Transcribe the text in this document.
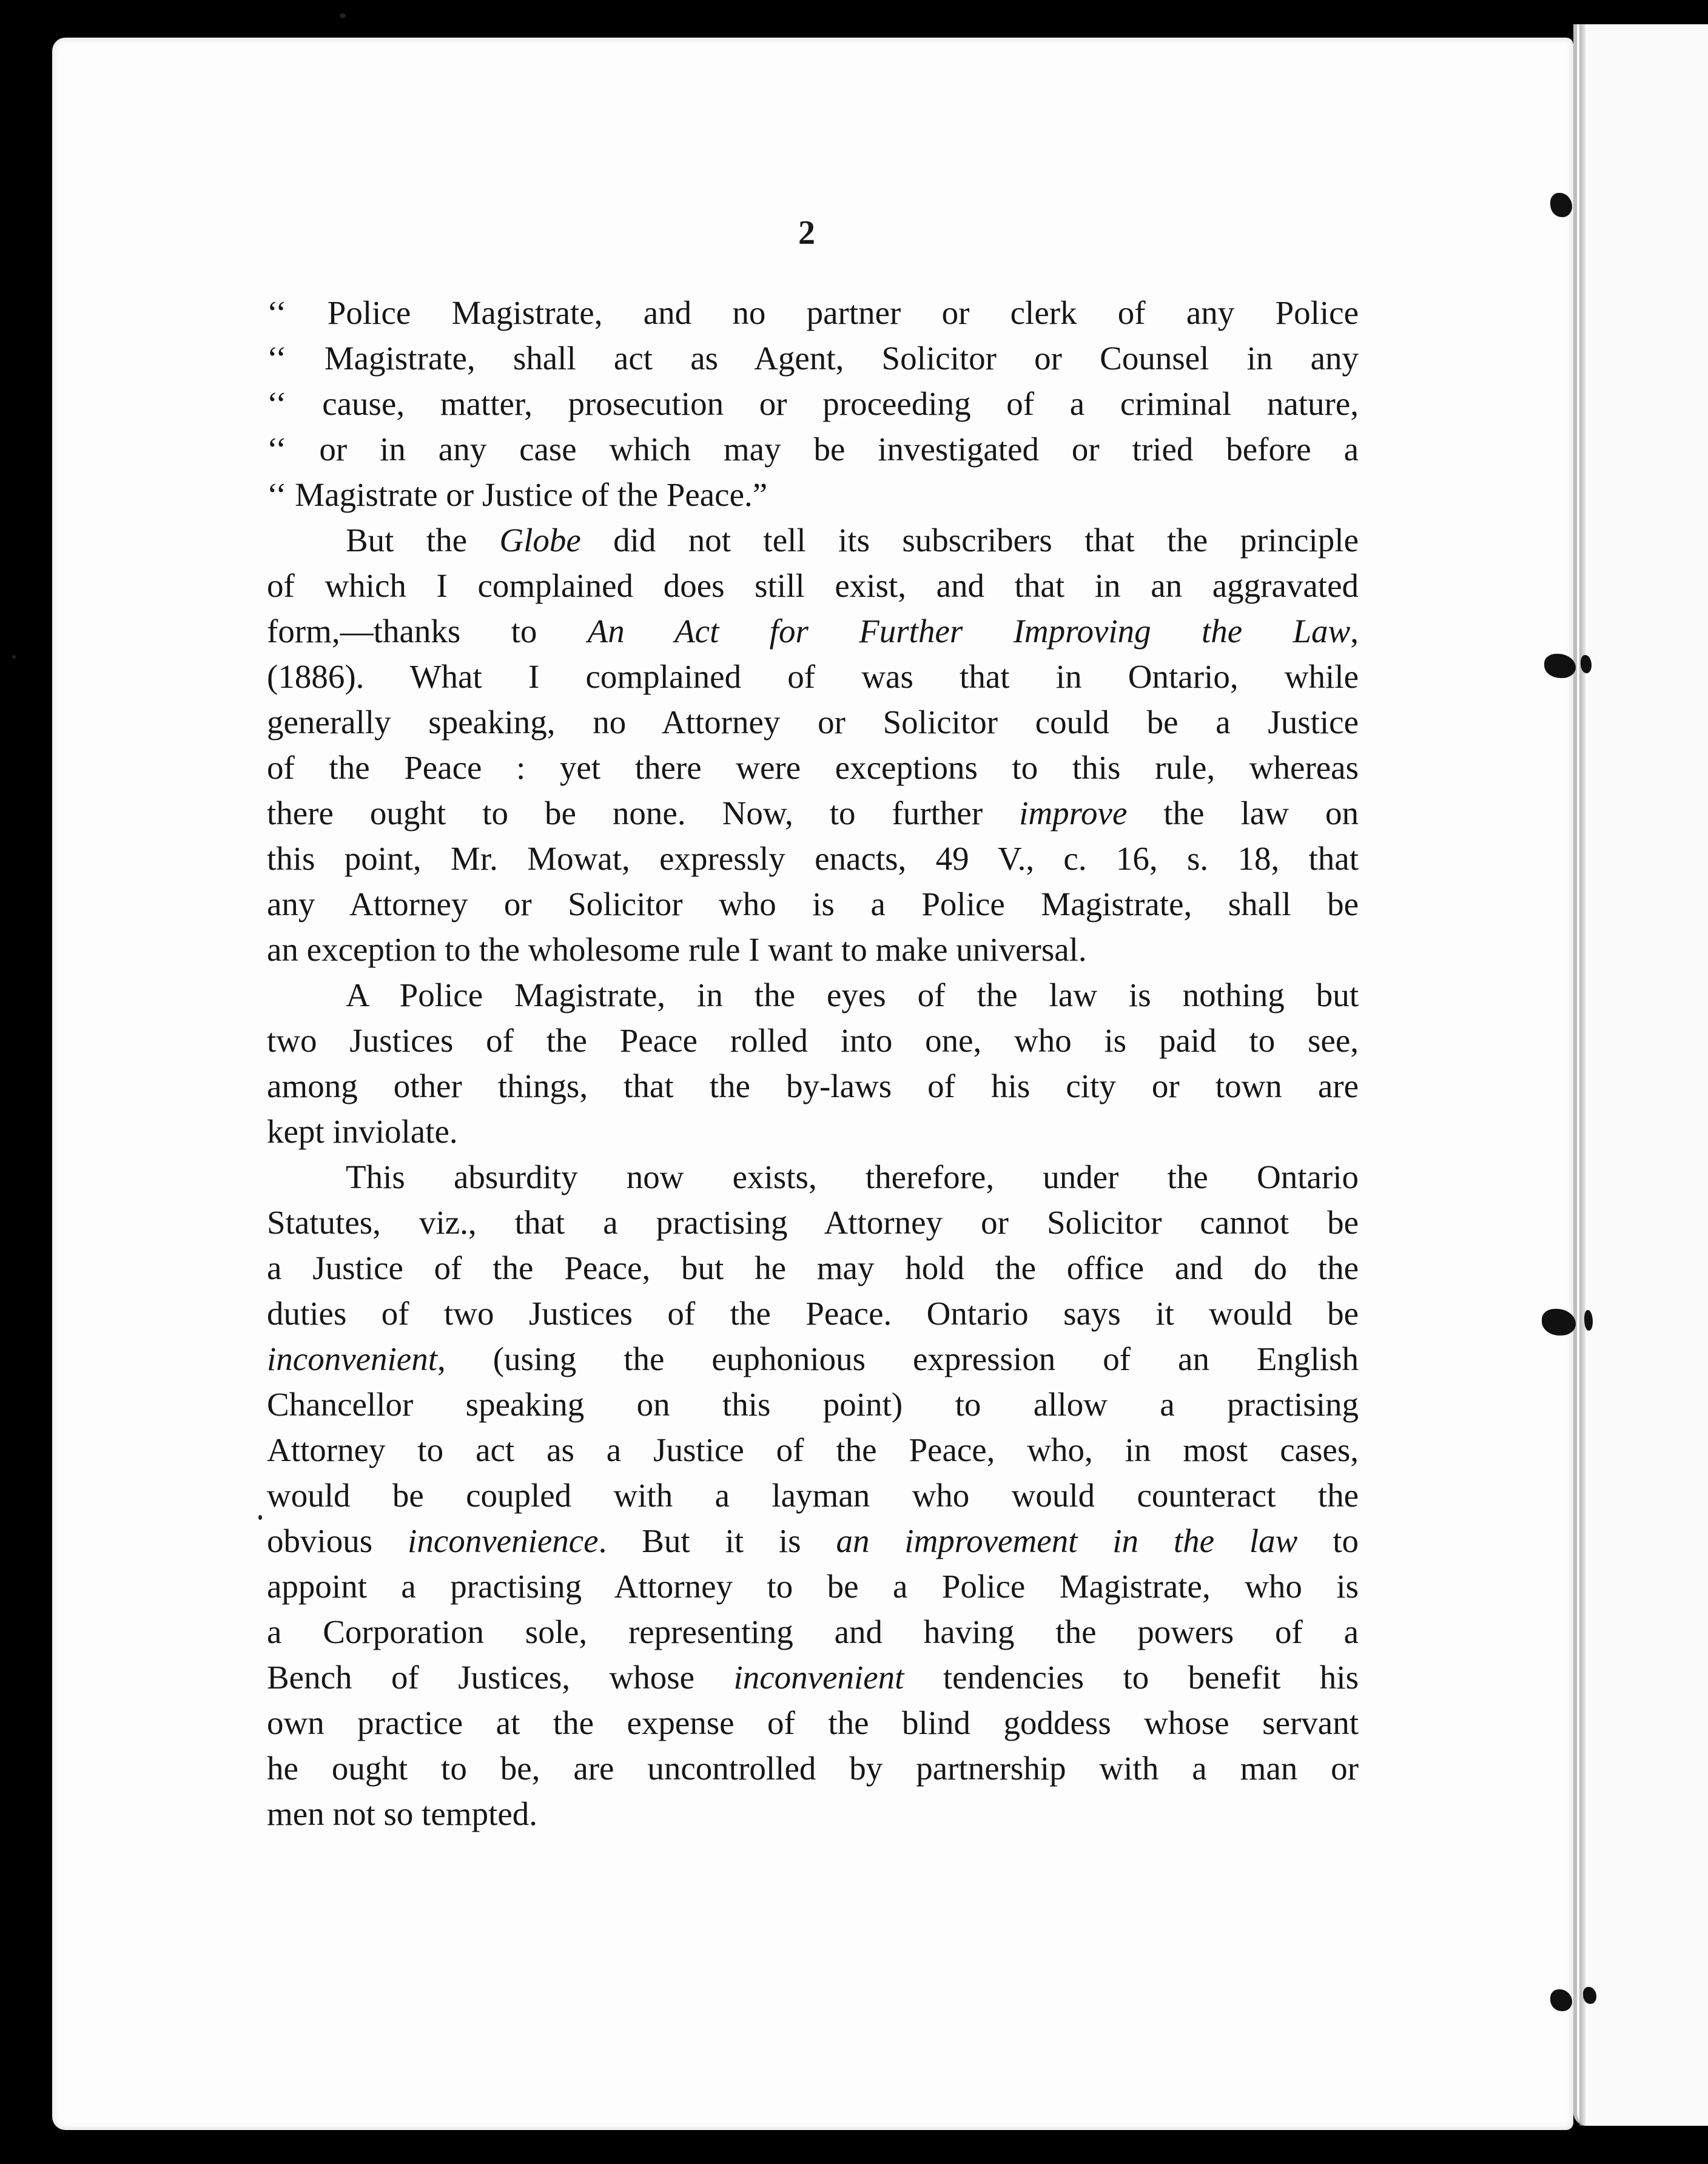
2
‘‘ Police Magistrate, and no partner or clerk of any Police
‘‘ Magistrate, shall act as Agent, Solicitor or Counsel in any
‘‘ cause, matter, prosecution or proceeding of a criminal nature,
‘‘ or in any case which may be investigated or tried before a
‘‘ Magistrate or Justice of the Peace.”
But the Globe did not tell its subscribers that the principle
of which I complained does still exist, and that in an aggravated
form,—thanks to An Act for Further Improving the Law,
(1886). What I complained of was that in Ontario, while
generally speaking, no Attorney or Solicitor could be a Justice
of the Peace : yet there were exceptions to this rule, whereas
there ought to be none. Now, to further improve the law on
this point, Mr. Mowat, expressly enacts, 49 V., c. 16, s. 18, that
any Attorney or Solicitor who is a Police Magistrate, shall be
an exception to the wholesome rule I want to make universal.
A Police Magistrate, in the eyes of the law is nothing but
two Justices of the Peace rolled into one, who is paid to see,
among other things, that the by-laws of his city or town are
kept inviolate.
This absurdity now exists, therefore, under the Ontario
Statutes, viz., that a practising Attorney or Solicitor cannot be
a Justice of the Peace, but he may hold the office and do the
duties of two Justices of the Peace. Ontario says it would be
inconvenient, (using the euphonious expression of an English
Chancellor speaking on this point) to allow a practising
Attorney to act as a Justice of the Peace, who, in most cases,
would be coupled with a layman who would counteract the
obvious inconvenience. But it is an improvement in the law to
appoint a practising Attorney to be a Police Magistrate, who is
a Corporation sole, representing and having the powers of a
Bench of Justices, whose inconvenient tendencies to benefit his
own practice at the expense of the blind goddess whose servant
he ought to be, are uncontrolled by partnership with a man or
men not so tempted.
